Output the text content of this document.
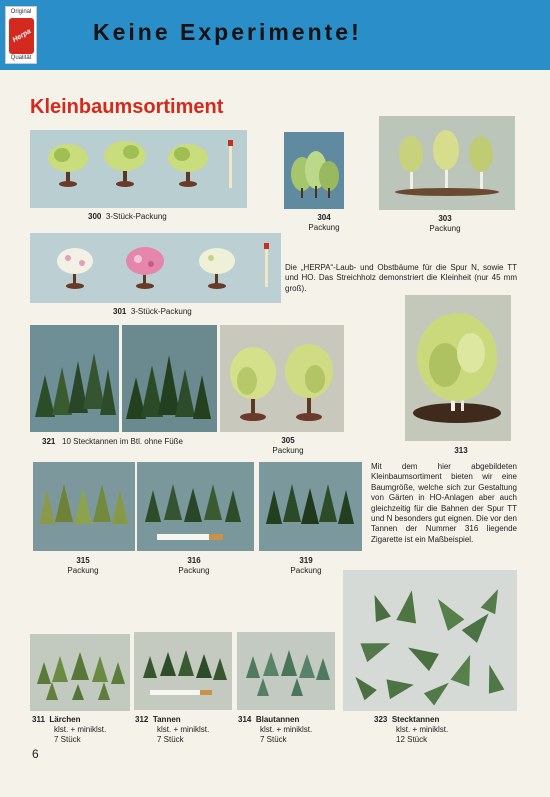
Original
Herpa
Qualität
Keine Experimente!
Kleinbaumsortiment
300 3-Stück-Packung	304
Packung
303
Packung
301 3-Stück-Packung
321 10 Stecktannen im Btl. ohne Füße	305
Packung	313
315
Packung
316
Packung
319
Packung
311 Lärchen
klst. + miniklst.
7 Stück
312 Tannen
klst. + miniklst.
7 Stück
314 Blautannen
klst. + miniklst.
7 Stück
323 Stecktannen
klst. + miniklst.
12 Stück
Die „HERPA“-Laub- und Obstbäume für die Spur N, sowie TT und HO. Das Streichholz demonstriert die Kleinheit (nur 45 mm groß).
Mit dem hier abgebildeten Kleinbaumsortiment bieten wir eine Baumgröße, welche sich zur Gestaltung von Gärten in HO-Anlagen aber auch gleichzeitig für die Bahnen der Spur TT und N besonders gut eignen. Die vor den Tannen der Nummer 316 liegende Zigarette ist ein Maßbeispiel.
6
